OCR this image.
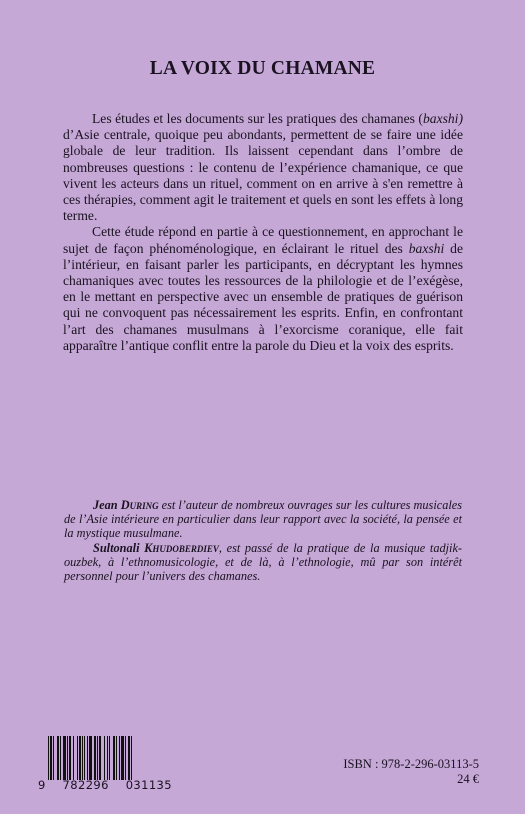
LA VOIX DU CHAMANE

Les études et les documents sur les pratiques des chamanes (baxshi) d’Asie centrale, quoique peu abondants, permettent de se faire une idée globale de leur tradition. Ils laissent cependant dans l’ombre de nombreuses questions : le contenu de l’expérience chamanique, ce que vivent les acteurs dans un rituel, comment on en arrive à s'en remettre à ces thérapies, comment agit le traitement et quels en sont les effets à long terme.

Cette étude répond en partie à ce questionnement, en approchant le sujet de façon phénoménologique, en éclairant le rituel des baxshi de l’intérieur, en faisant parler les participants, en décryptant les hymnes chamaniques avec toutes les ressources de la philologie et de l’exégèse, en le mettant en perspective avec un ensemble de pratiques de guérison qui ne convoquent pas nécessairement les esprits. Enfin, en confrontant l’art des chamanes musulmans à l’exorcisme coranique, elle fait apparaître l’antique conflit entre la parole du Dieu et la voix des esprits.

Jean During est l’auteur de nombreux ouvrages sur les cultures musicales de l’Asie intérieure en particulier dans leur rapport avec la société, la pensée et la mystique musulmane.

Sultonali Khudoberdiev, est passé de la pratique de la musique tadjik-ouzbek, à l’ethnomusicologie, et de là, à l’ethnologie, mû par son intérêt personnel pour l’univers des chamanes.

9 782296 031135
ISBN : 978-2-296-03113-5
24 €
